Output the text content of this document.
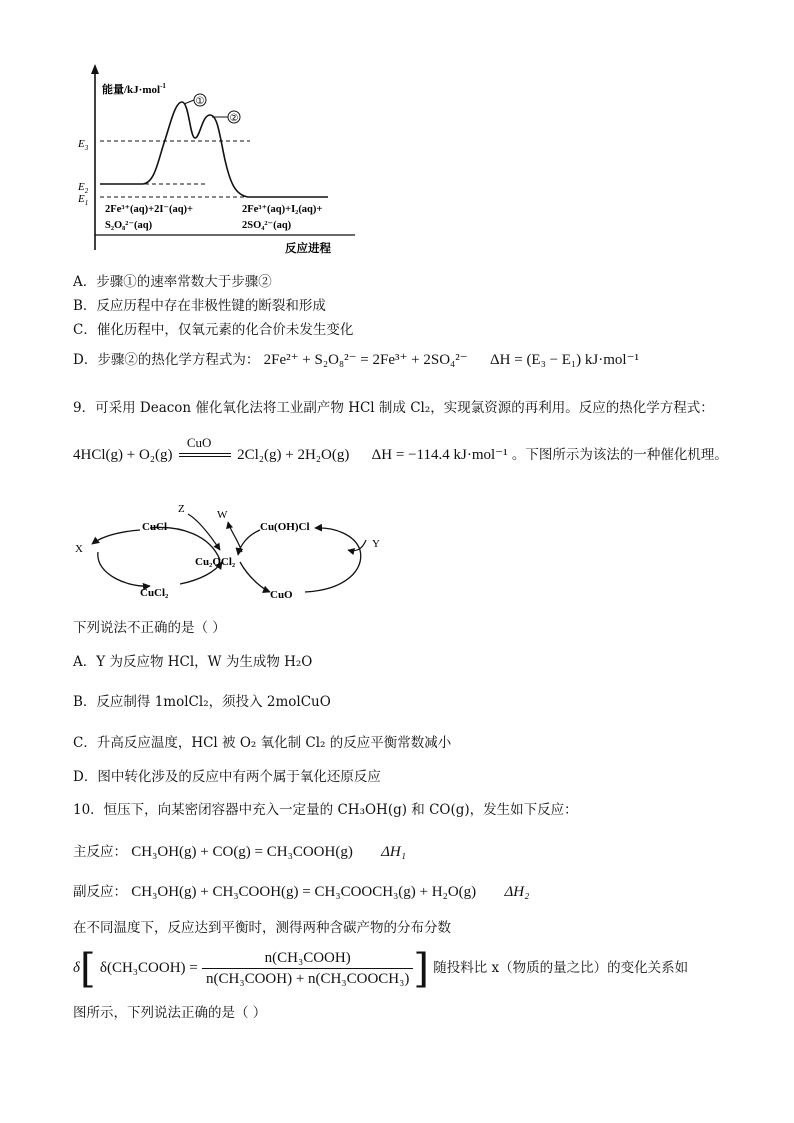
能量/kJ·mol$^{-1}$
$E_3$
$E_2$
$E_1$
①
②
2Fe³⁺(aq)+2I⁻(aq)+
S₂O₈²⁻(aq)
2Fe³⁺(aq)+I₂(aq)+
2SO₄²⁻(aq)
反应进程
A．步骤①的速率常数大于步骤②
B．反应历程中存在非极性键的断裂和形成
C．催化历程中，仅氧元素的化合价未发生变化
D．步骤②的热化学方程式为： 2Fe²⁺ + S₂O₈²⁻ = 2Fe³⁺ + 2SO₄²⁻ ΔH = (E₃ − E₁) kJ·mol⁻¹
9．可采用 Deacon 催化氧化法将工业副产物 HCl 制成 Cl₂，实现氯资源的再利用。反应的热化学方程式：
4HCl(g) + O₂(g)
CuO
2Cl₂(g) + 2H₂O(g) ΔH = −114.4 kJ·mol⁻¹ 。下图所示为该法的一种催化机理。
CuCl	Cu(OH)Cl
Cu₂OCl₂
CuCl₂	CuO
X	Y
Z	W
下列说法不正确的是（ ）
A．Y 为反应物 HCl，W 为生成物 H₂O
B．反应制得 1molCl₂，须投入 2molCuO
C．升高反应温度，HCl 被 O₂ 氧化制 Cl₂ 的反应平衡常数减小
D．图中转化涉及的反应中有两个属于氧化还原反应
10．恒压下，向某密闭容器中充入一定量的 CH₃OH(g) 和 CO(g)，发生如下反应：
主反应： CH₃OH(g) + CO(g) = CH₃COOH(g) ΔH₁
副反应： CH₃OH(g) + CH₃COOH(g) = CH₃COOCH₃(g) + H₂O(g) ΔH₂
在不同温度下，反应达到平衡时，测得两种含碳产物的分布分数
δ[ δ(CH₃COOH) = $\frac{\text{n(CH₃COOH)}}{\text{n(CH₃COOH) + n(CH₃COOCH₃)}}$ ] 随投料比 x（物质的量之比）的变化关系如
图所示，下列说法正确的是（ ）
